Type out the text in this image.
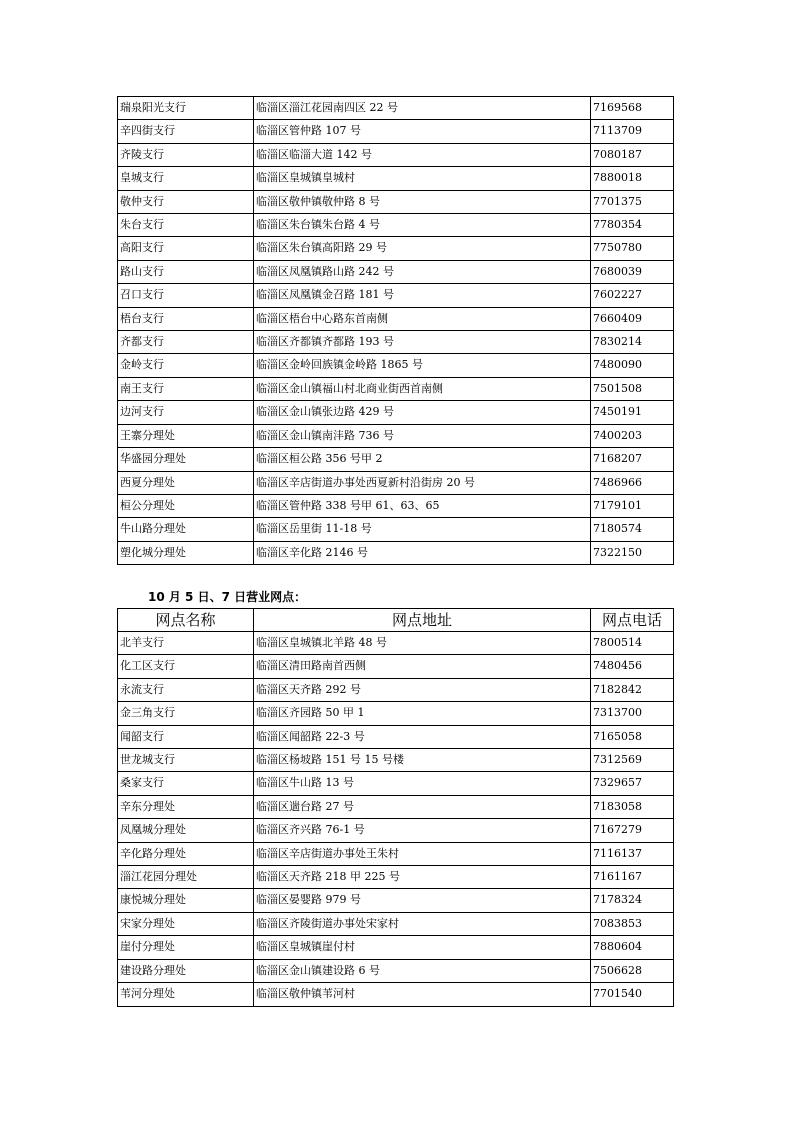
瑞泉阳光支行	临淄区淄江花园南四区 22 号	7169568
辛四街支行	临淄区管仲路 107 号	7113709
齐陵支行	临淄区临淄大道 142 号	7080187
皇城支行	临淄区皇城镇皇城村	7880018
敬仲支行	临淄区敬仲镇敬仲路 8 号	7701375
朱台支行	临淄区朱台镇朱台路 4 号	7780354
高阳支行	临淄区朱台镇高阳路 29 号	7750780
路山支行	临淄区凤凰镇路山路 242 号	7680039
召口支行	临淄区凤凰镇金召路 181 号	7602227
梧台支行	临淄区梧台中心路东首南侧	7660409
齐都支行	临淄区齐都镇齐都路 193 号	7830214
金岭支行	临淄区金岭回族镇金岭路 1865 号	7480090
南王支行	临淄区金山镇福山村北商业街西首南侧	7501508
边河支行	临淄区金山镇张边路 429 号	7450191
王寨分理处	临淄区金山镇南沣路 736 号	7400203
华盛园分理处	临淄区桓公路 356 号甲 2	7168207
西夏分理处	临淄区辛店街道办事处西夏新村沿街房 20 号	7486966
桓公分理处	临淄区管仲路 338 号甲 61、63、65	7179101
牛山路分理处	临淄区岳里街 11-18 号	7180574
塑化城分理处	临淄区辛化路 2146 号	7322150
10 月 5 日、7 日营业网点：
网点名称	网点地址	网点电话
北羊支行	临淄区皇城镇北羊路 48 号	7800514
化工区支行	临淄区清田路南首西侧	7480456
永流支行	临淄区天齐路 292 号	7182842
金三角支行	临淄区齐园路 50 甲 1	7313700
闻韶支行	临淄区闻韶路 22-3 号	7165058
世龙城支行	临淄区杨坡路 151 号 15 号楼	7312569
桑家支行	临淄区牛山路 13 号	7329657
辛东分理处	临淄区遄台路 27 号	7183058
凤凰城分理处	临淄区齐兴路 76-1 号	7167279
辛化路分理处	临淄区辛店街道办事处王朱村	7116137
淄江花园分理处	临淄区天齐路 218 甲 225 号	7161167
康悦城分理处	临淄区晏婴路 979 号	7178324
宋家分理处	临淄区齐陵街道办事处宋家村	7083853
崖付分理处	临淄区皇城镇崖付村	7880604
建设路分理处	临淄区金山镇建设路 6 号	7506628
苇河分理处	临淄区敬仲镇苇河村	7701540
